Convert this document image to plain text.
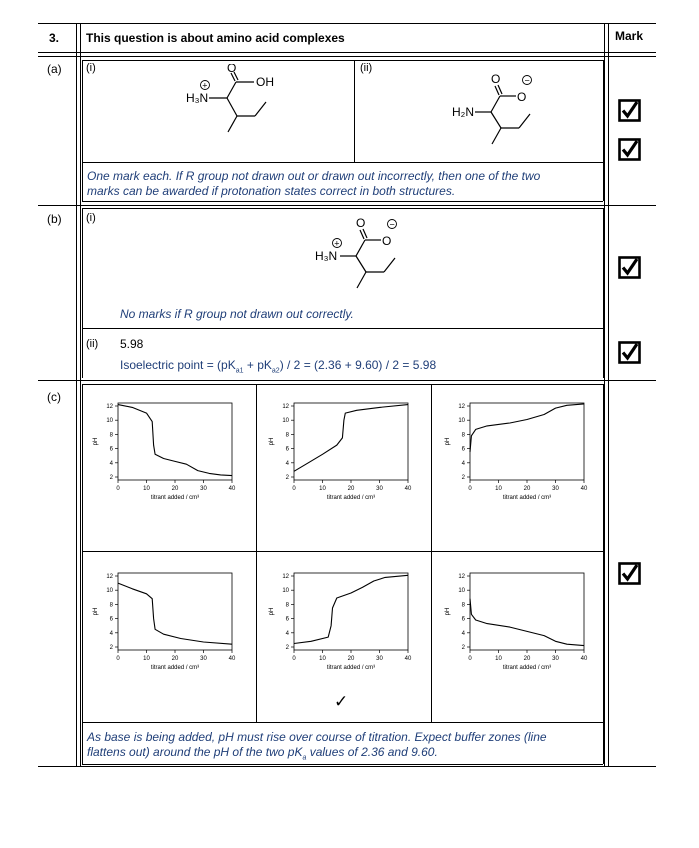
3. This question is about amino acid complexes	Mark
(a) (i)	(ii)
H₃N
+
O
OH
H₂N
O
O
−
One mark each. If R group not drawn out or drawn out incorrectly, then one of the two
marks can be awarded if protonation states correct in both structures.
(b) (i)
H₃N
+
O
O
−
No marks if R group not drawn out correctly.
(ii) 5.98
Isoelectric point = $(pK_{a1} + pK_{a2}) / 2 = (2.36 + 9.60) / 2 = 5.98$
(c)
2
4
6
8
10
12
0	10	20	30	40
titrant added / cm³
pH
2
4
6
8
10
12
0	10	20	30	40
titrant added / cm³
pH
2
4
6
8
10
12
0	10	20	30	40
titrant added / cm³
pH
2
4
6
8
10
12
0	10	20	30	40
titrant added / cm³
pH
2
4
6
8
10
12
0	10	20	30	40
titrant added / cm³
pH
2
4
6
8
10
12
0	10	20	30	40
titrant added / cm³
pH
✓
As base is being added, pH must rise over course of titration. Expect buffer zones (line
flattens out) around the pH of the two $pK_a$ values of 2.36 and 9.60.
